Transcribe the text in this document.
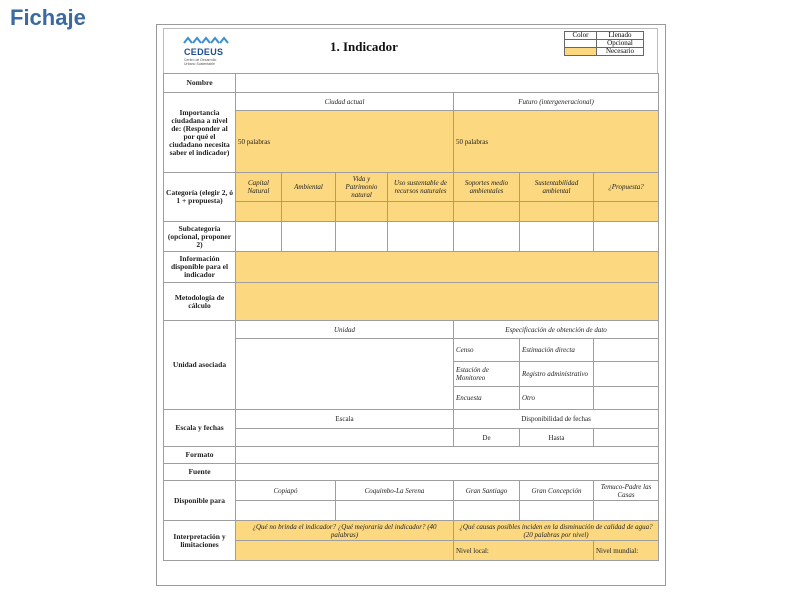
Fichaje
CEDEUS
Centro de Desarrollo Urbano Sustentable
1. Indicador
Color	Llenado
	Opcional
	Necesario
Nombre								
Importancia ciudadana a nivel de: (Responder al por qué el ciudadano necesita saber el indicador)	Ciudad actual				Futuro (intergeneracional)			
	50 palabras				50 palabras			
Categoría (elegir 2, ó 1 + propuesta)	Capital Natural	Ambiental	Vida y Patrimonio natural	Uso sustentable de recursos naturales	Soportes medio ambientales	Sustentabilidad ambiental	¿Propuesta?	

Subcategoría (opcional, proponer 2)								
Información disponible para el indicador								
Metodología de cálculo								
Unidad asociada	Unidad				Especificación de obtención de dato			
					Censo	Estimación directa		
					Estación de Monitoreo	Registro administrativo		
					Encuesta	Otro		
Escala y fechas	Escala				Disponibilidad de fechas			
					De	Hasta		
Formato								
Fuente								
Disponible para	Copiapó		Coquimbo-La Serena		Gran Santiago	Gran Concepción	Temuco-Padre las Casas	

Interpretación y limitaciones	¿Qué no brinda el indicador? ¿Qué mejoraría del indicador? (40 palabras)				¿Qué causas posibles inciden en la disminución de calidad de agua? (20 palabras por nivel)			
					Nivel local:		Nivel mundial:	
